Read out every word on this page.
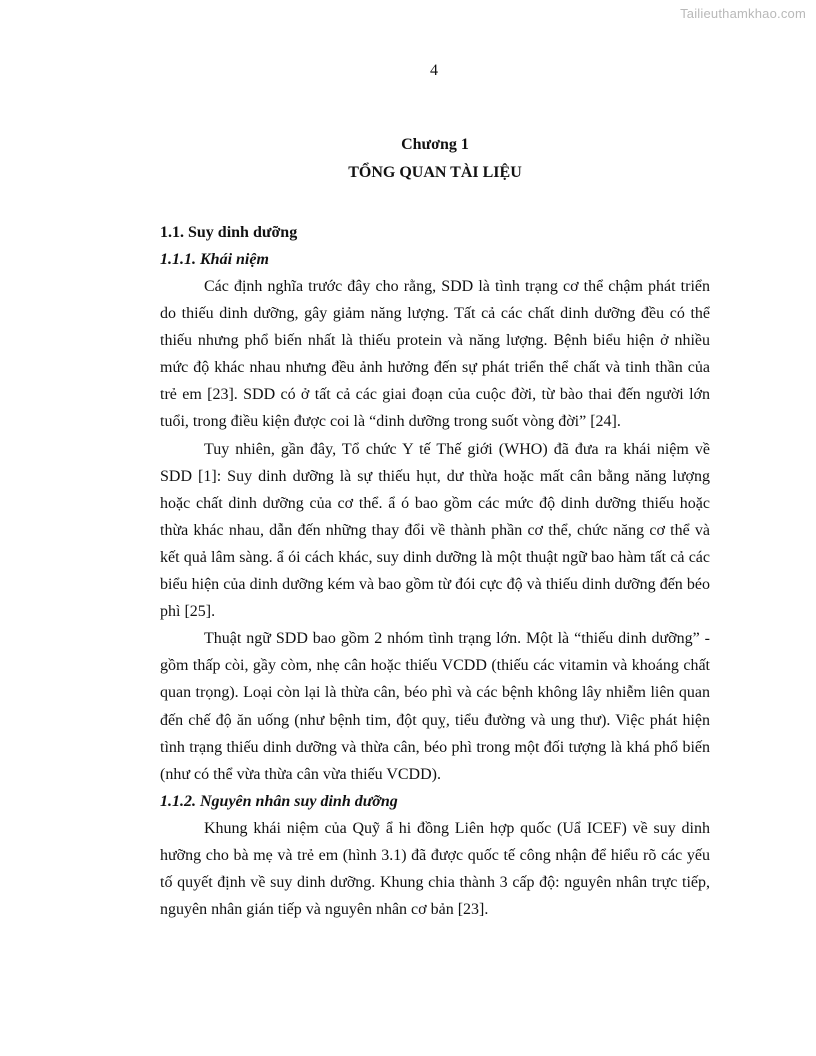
Tailieuthamkhao.com
4

Chương 1

TỔNG QUAN TÀI LIỆU

1.1. Suy dinh dưỡng

1.1.1. Khái niệm

Các định nghĩa trước đây cho rằng, SDD là tình trạng cơ thể chậm phát triển do thiếu dinh dưỡng, gây giảm năng lượng. Tất cả các chất dinh dưỡng đều có thể thiếu nhưng phổ biến nhất là thiếu protein và năng lượng. Bệnh biểu hiện ở nhiều mức độ khác nhau nhưng đều ảnh hưởng đến sự phát triển thể chất và tinh thần của trẻ em [23]. SDD có ở tất cả các giai đoạn của cuộc đời, từ bào thai đến người lớn tuổi, trong điều kiện được coi là “dinh dưỡng trong suốt vòng đời” [24].

Tuy nhiên, gần đây, Tổ chức Y tế Thế giới (WHO) đã đưa ra khái niệm về SDD [1]: Suy dinh dưỡng là sự thiếu hụt, dư thừa hoặc mất cân bằng năng lượng hoặc chất dinh dưỡng của cơ thể. ẩ ó bao gồm các mức độ dinh dưỡng thiếu hoặc thừa khác nhau, dẫn đến những thay đổi về thành phần cơ thể, chức năng cơ thể và kết quả lâm sàng. ẩ ói cách khác, suy dinh dưỡng là một thuật ngữ bao hàm tất cả các biểu hiện của dinh dưỡng kém và bao gồm từ đói cực độ và thiếu dinh dưỡng đến béo phì [25].

Thuật ngữ SDD bao gồm 2 nhóm tình trạng lớn. Một là “thiếu dinh dưỡng” - gồm thấp còi, gầy còm, nhẹ cân hoặc thiếu VCDD (thiếu các vitamin và khoáng chất quan trọng). Loại còn lại là thừa cân, béo phì và các bệnh không lây nhiễm liên quan đến chế độ ăn uống (như bệnh tim, đột quỵ, tiểu đường và ung thư). Việc phát hiện tình trạng thiếu dinh dưỡng và thừa cân, béo phì trong một đối tượng là khá phổ biến (như có thể vừa thừa cân vừa thiếu VCDD).

1.1.2. Nguyên nhân suy dinh dưỡng

Khung khái niệm của Quỹ ẩ hi đồng Liên hợp quốc (Uẩ ICEF) về suy dinh hưỡng cho bà mẹ và trẻ em (hình 3.1) đã được quốc tế công nhận để hiểu rõ các yếu tố quyết định về suy dinh dưỡng. Khung chia thành 3 cấp độ: nguyên nhân trực tiếp, nguyên nhân gián tiếp và nguyên nhân cơ bản [23].
